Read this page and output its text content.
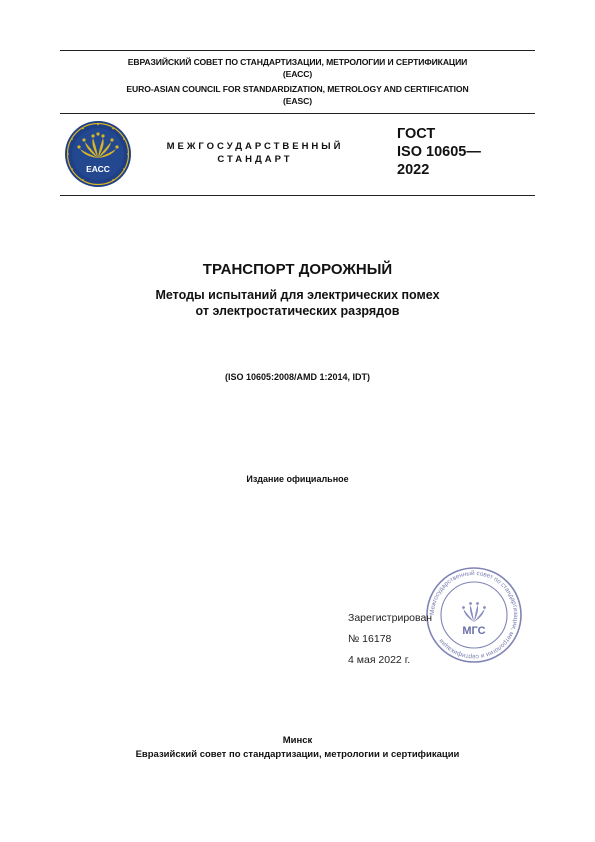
ЕВРАЗИЙСКИЙ СОВЕТ ПО СТАНДАРТИЗАЦИИ, МЕТРОЛОГИИ И СЕРТИФИКАЦИИ
(ЕАСС)
EURO-ASIAN COUNCIL FOR STANDARDIZATION, METROLOGY AND CERTIFICATION
(EASC)
ЕАСС
МЕЖГОСУДАРСТВЕННЫЙ
СТАНДАРТ
ГОСТ
ISO 10605—
2022
ТРАНСПОРТ ДОРОЖНЫЙ
Методы испытаний для электрических помех
от электростатических разрядов
(ISO 10605:2008/AMD 1:2014, IDT)
Издание официальное
Межгосударственный совет по стандартизации, метрологии и сертификации
МГС
Зарегистрирован
№ 16178
4 мая 2022 г.
Минск
Евразийский совет по стандартизации, метрологии и сертификации
